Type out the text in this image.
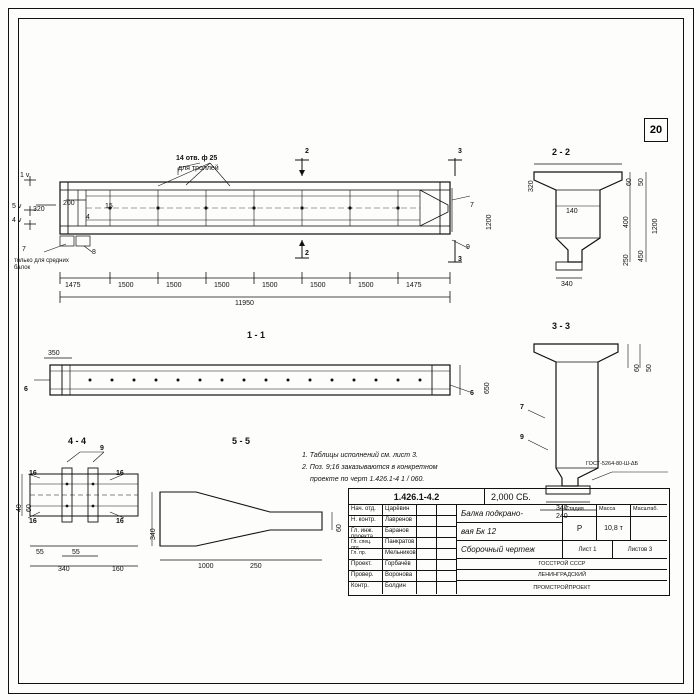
20
14 отв. ф 25
для троллей
2
2
3
3
1 v
5 v
4 v
320
200	15
1200
4
7	8
7
9
только для средних балок
1475	1500	1500	1500	1500	1500	1500	1475
11950
1 - 1
350
650
6
6
2 - 2
320
400
250
140
340
1200
50
60
450
3 - 3
340
240
50
60
7
9
ГОСТ-5264-80-Ш-ΔБ
4 - 4
9
16	16
16	16
40 60
55	55
340	160
5 - 5
340
250
1000
60
1. Таблицы исполнений см. лист 3.
2. Поз. 9;16 заказываются в конкретном
проекте по черт 1.426.1-4 1 / 060.
1.426.1-4.2	2,000 СБ.
Нач. отд.	Царёвин
Н. контр.	Лавренов
Гл. инж. проекта
Баранов
Гл. спец. отд.
Панкратов
Гл. пр.	Мельников
Проект.	Горбачёв
Провер.	Воронова
Контр.	Болдин
Балка подкрано-
вая Бк 12
Сборочный чертеж
Стадия	Масса	Масштаб.
Р	10,8 т
Лист 1	Листов 3
ГОССТРОЙ СССР
ЛЕНИНГРАДСКИЙ
ПРОМСТРОЙПРОЕКТ
